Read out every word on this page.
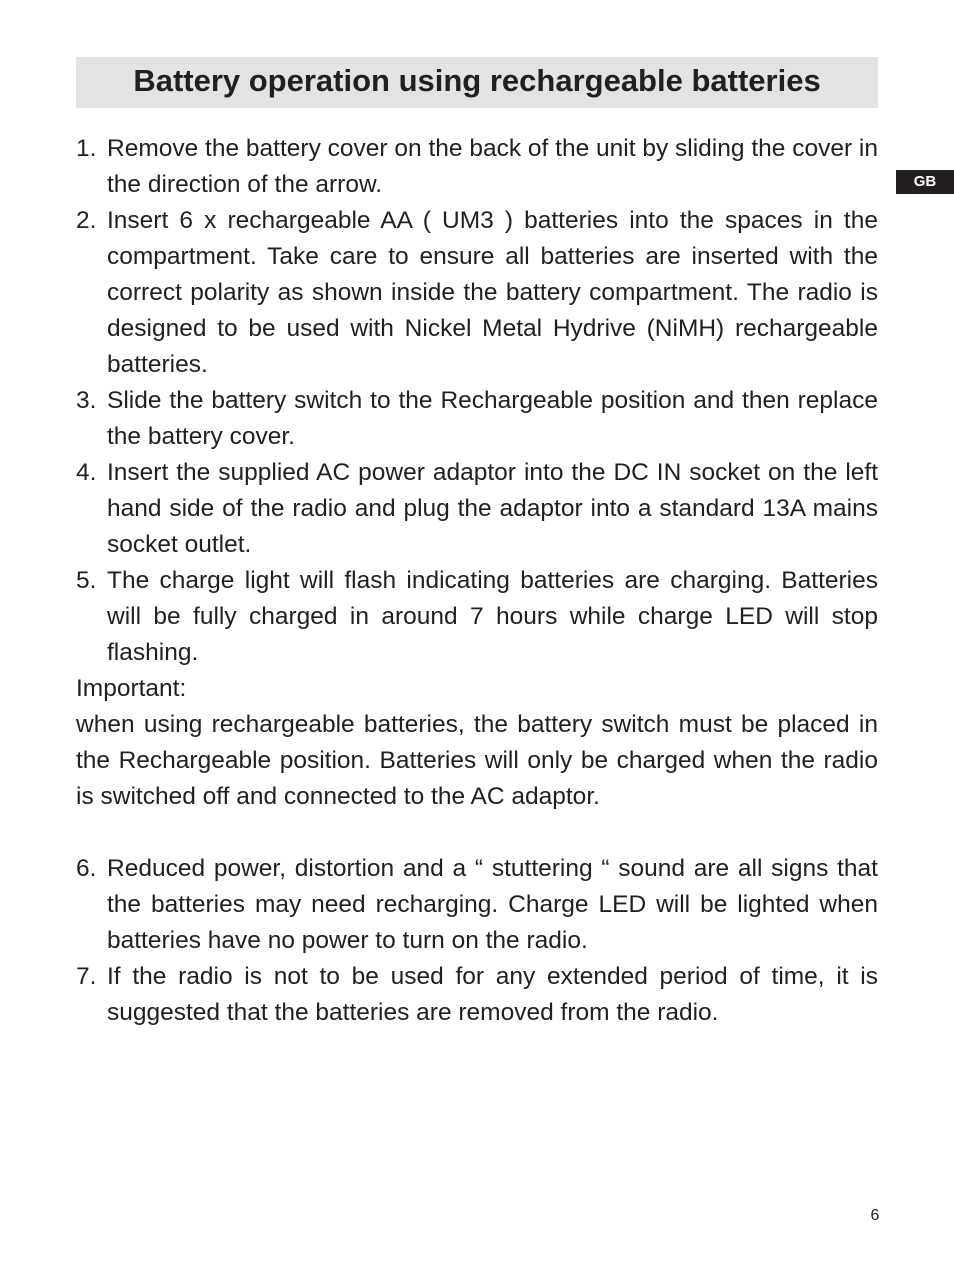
Battery operation using rechargeable batteries
GB
1. Remove the battery cover on the back of the unit by sliding the cover in the direction of the arrow.
2. Insert 6 x rechargeable AA ( UM3 ) batteries into the spaces in the compartment. Take care to ensure all batteries are inserted with the correct polarity as shown inside the battery compartment. The radio is designed to be used with Nickel Metal Hydrive (NiMH) rechargeable batteries.
3. Slide the battery switch to the Rechargeable position and then replace the battery cover.
4. Insert the supplied AC power adaptor into the DC IN socket on the left hand side of the radio and plug the adaptor into a standard 13A mains socket outlet.
5. The charge light will flash indicating batteries are charging. Batteries will be fully charged in around 7 hours while charge LED will stop flashing.
Important:
when using rechargeable batteries, the battery switch must be placed in the Rechargeable position. Batteries will only be charged when the radio is switched off and connected to the AC adaptor.
6. Reduced power, distortion and a “ stuttering “ sound are all signs that the batteries may need recharging. Charge LED will be lighted when batteries have no power to turn on the radio.
7. If the radio is not to be used for any extended period of time, it is suggested that the batteries are removed from the radio.
6
